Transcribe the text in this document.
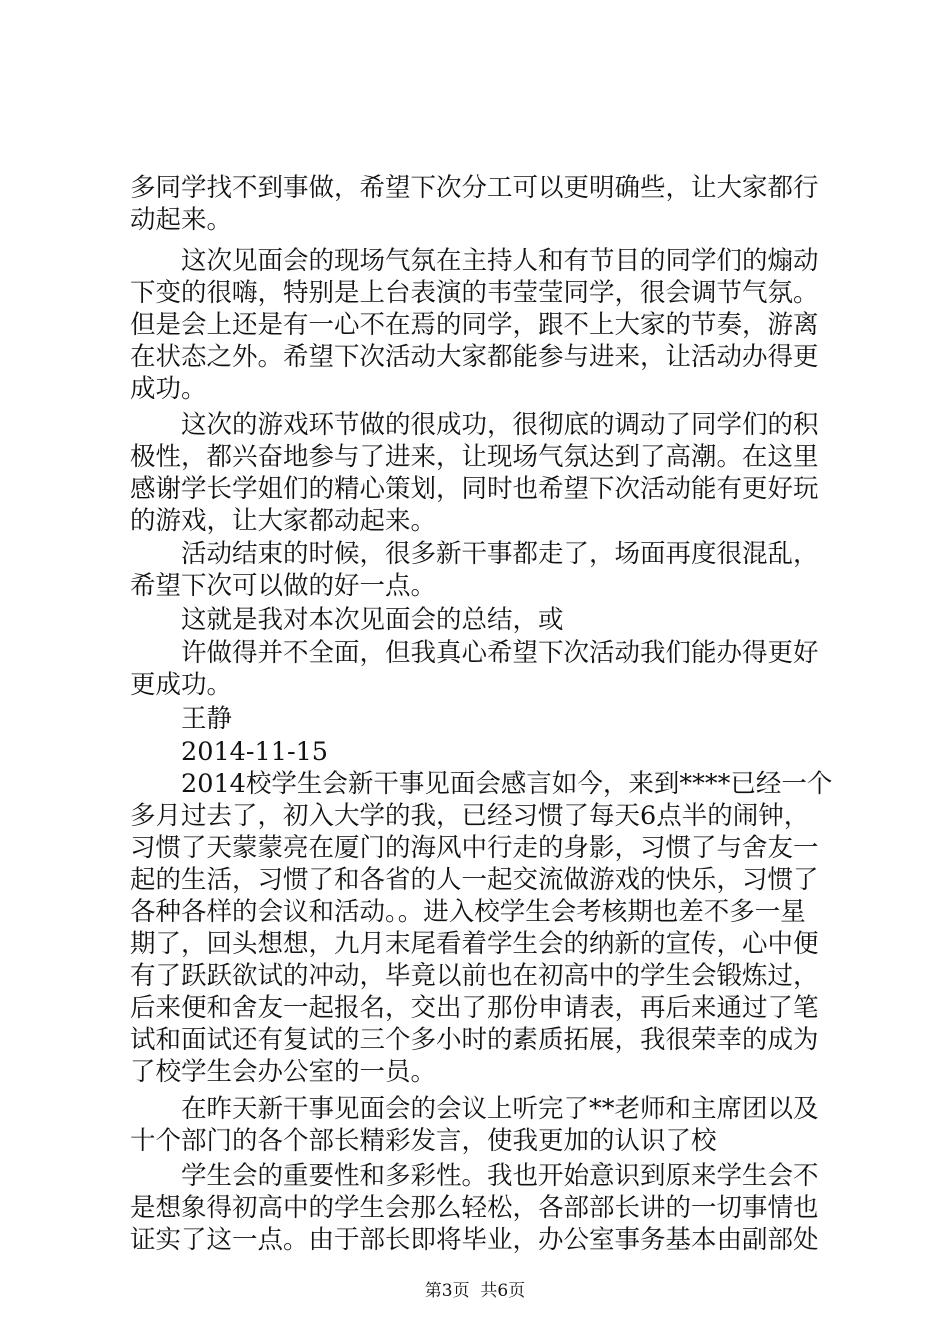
多同学找不到事做，希望下次分工可以更明确些，让大家都行
动起来。
这次见面会的现场气氛在主持人和有节目的同学们的煽动
下变的很嗨，特别是上台表演的韦莹莹同学，很会调节气氛。
但是会上还是有一心不在焉的同学，跟不上大家的节奏，游离
在状态之外。希望下次活动大家都能参与进来，让活动办得更
成功。
这次的游戏环节做的很成功，很彻底的调动了同学们的积
极性，都兴奋地参与了进来，让现场气氛达到了高潮。在这里
感谢学长学姐们的精心策划，同时也希望下次活动能有更好玩
的游戏，让大家都动起来。
活动结束的时候，很多新干事都走了，场面再度很混乱，
希望下次可以做的好一点。
这就是我对本次见面会的总结，或
许做得并不全面，但我真心希望下次活动我们能办得更好
更成功。
王静
2014-11-15
2014校学生会新干事见面会感言如今，来到****已经一个
多月过去了，初入大学的我，已经习惯了每天6点半的闹钟，
习惯了天蒙蒙亮在厦门的海风中行走的身影，习惯了与舍友一
起的生活，习惯了和各省的人一起交流做游戏的快乐，习惯了
各种各样的会议和活动。。进入校学生会考核期也差不多一星
期了，回头想想，九月末尾看着学生会的纳新的宣传，心中便
有了跃跃欲试的冲动，毕竟以前也在初高中的学生会锻炼过，
后来便和舍友一起报名，交出了那份申请表，再后来通过了笔
试和面试还有复试的三个多小时的素质拓展，我很荣幸的成为
了校学生会办公室的一员。
在昨天新干事见面会的会议上听完了**老师和主席团以及
十个部门的各个部长精彩发言，使我更加的认识了校
学生会的重要性和多彩性。我也开始意识到原来学生会不
是想象得初高中的学生会那么轻松，各部部长讲的一切事情也
证实了这一点。由于部长即将毕业，办公室事务基本由副部处
第3页  共6页
